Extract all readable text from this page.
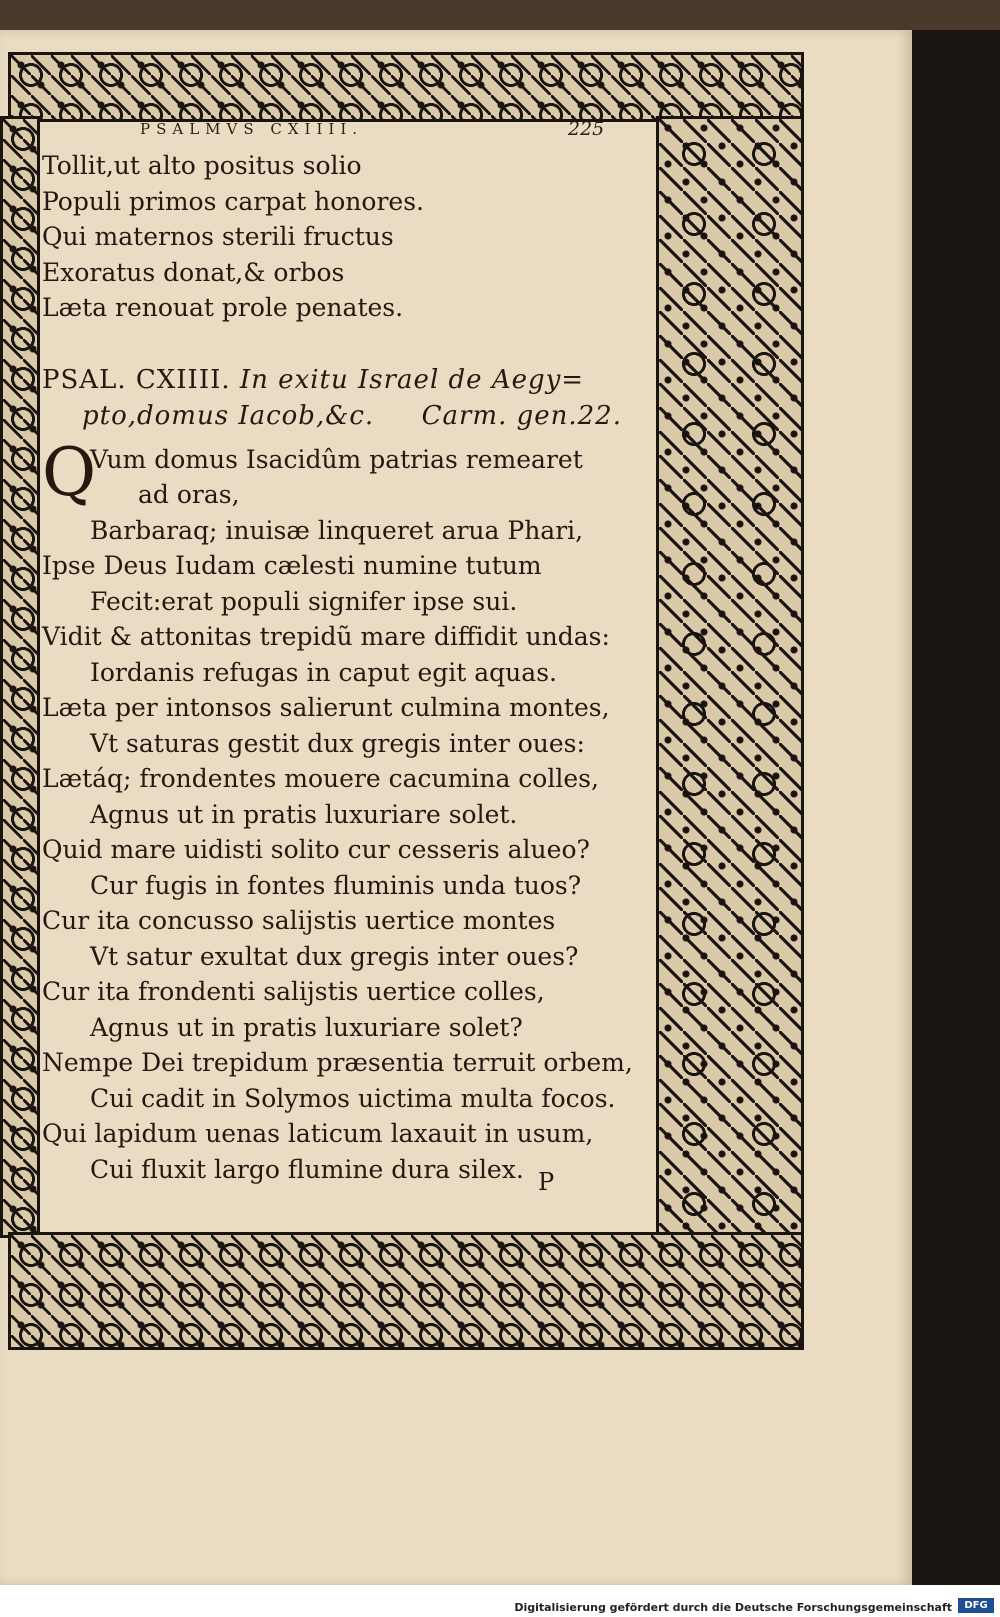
PSALMVS CXIIII.	225
Tollit,ut alto positus solio
Populi primos carpat honores.
Qui maternos sterili fructus
Exoratus donat,& orbos
Læta renouat prole penates.
PSAL. CXIIII. In exitu Israel de Aegy=
pto,domus Iacob,&c. Carm. gen.22.
Q
Vum domus Isacidûm patrias remearet
ad oras,
Barbaraq; inuisæ linqueret arua Phari,
Ipse Deus Iudam cælesti numine tutum
Fecit:erat populi signifer ipse sui.
Vidit & attonitas trepidũ mare diffidit undas:
Iordanis refugas in caput egit aquas.
Læta per intonsos salierunt culmina montes,
Vt saturas gestit dux gregis inter oues:
Lætáq; frondentes mouere cacumina colles,
Agnus ut in pratis luxuriare solet.
Quid mare uidisti solito cur cesseris alueo?
Cur fugis in fontes fluminis unda tuos?
Cur ita concusso salijstis uertice montes
Vt satur exultat dux gregis inter oues?
Cur ita frondenti salijstis uertice colles,
Agnus ut in pratis luxuriare solet?
Nempe Dei trepidum præsentia terruit orbem,
Cui cadit in Solymos uictima multa focos.
Qui lapidum uenas laticum laxauit in usum,
Cui fluxit largo flumine dura silex. P
Digitalisierung gefördert durch die Deutsche Forschungsgemeinschaft	DFG
